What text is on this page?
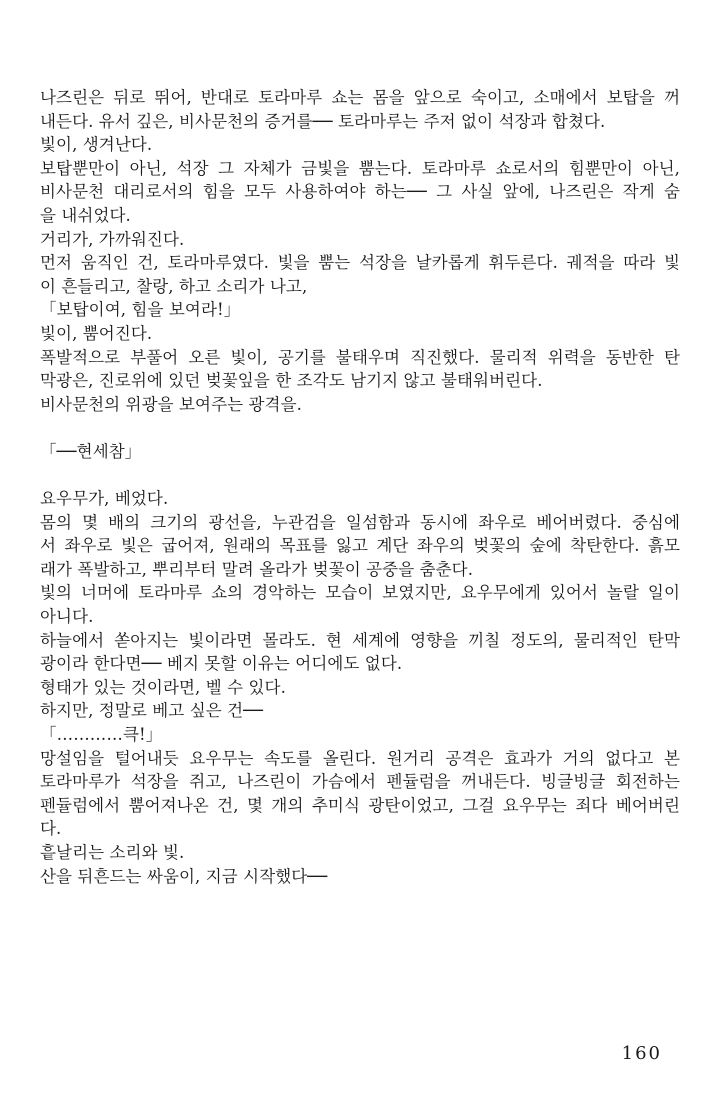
나즈린은 뒤로 뛰어, 반대로 토라마루 쇼는 몸을 앞으로 숙이고, 소매에서 보탑을 꺼
내든다. 유서 깊은, 비사문천의 증거를── 토라마루는 주저 없이 석장과 합쳤다.
빛이, 생겨난다.
보탑뿐만이 아닌, 석장 그 자체가 금빛을 뿜는다. 토라마루 쇼로서의 힘뿐만이 아닌,
비사문천 대리로서의 힘을 모두 사용하여야 하는── 그 사실 앞에, 나즈린은 작게 숨
을 내쉬었다.
거리가, 가까워진다.
먼저 움직인 건, 토라마루였다. 빛을 뿜는 석장을 날카롭게 휘두른다. 궤적을 따라 빛
이 흔들리고, 찰랑, 하고 소리가 나고,
「보탑이여, 힘을 보여라!」
빛이, 뿜어진다.
폭발적으로 부풀어 오른 빛이, 공기를 불태우며 직진했다. 물리적 위력을 동반한 탄
막광은, 진로위에 있던 벚꽃잎을 한 조각도 남기지 않고 불태워버린다.
비사문천의 위광을 보여주는 광격을.
「──현세참」
요우무가, 베었다.
몸의 몇 배의 크기의 광선을, 누관검을 일섬함과 동시에 좌우로 베어버렸다. 중심에
서 좌우로 빛은 굽어져, 원래의 목표를 잃고 계단 좌우의 벚꽃의 숲에 착탄한다. 흙모
래가 폭발하고, 뿌리부터 말려 올라가 벚꽃이 공중을 춤춘다.
빛의 너머에 토라마루 쇼의 경악하는 모습이 보였지만, 요우무에게 있어서 놀랄 일이
아니다.
하늘에서 쏟아지는 빛이라면 몰라도. 현 세계에 영향을 끼칠 정도의, 물리적인 탄막
광이라 한다면── 베지 못할 이유는 어디에도 없다.
형태가 있는 것이라면, 벨 수 있다.
하지만, 정말로 베고 싶은 건──
「…………큭!」
망설임을 털어내듯 요우무는 속도를 올린다. 원거리 공격은 효과가 거의 없다고 본
토라마루가 석장을 쥐고, 나즈린이 가슴에서 펜듈럼을 꺼내든다. 빙글빙글 회전하는
펜듈럼에서 뿜어져나온 건, 몇 개의 추미식 광탄이었고, 그걸 요우무는 죄다 베어버린
다.
흩날리는 소리와 빛.
산을 뒤흔드는 싸움이, 지금 시작했다──
160
